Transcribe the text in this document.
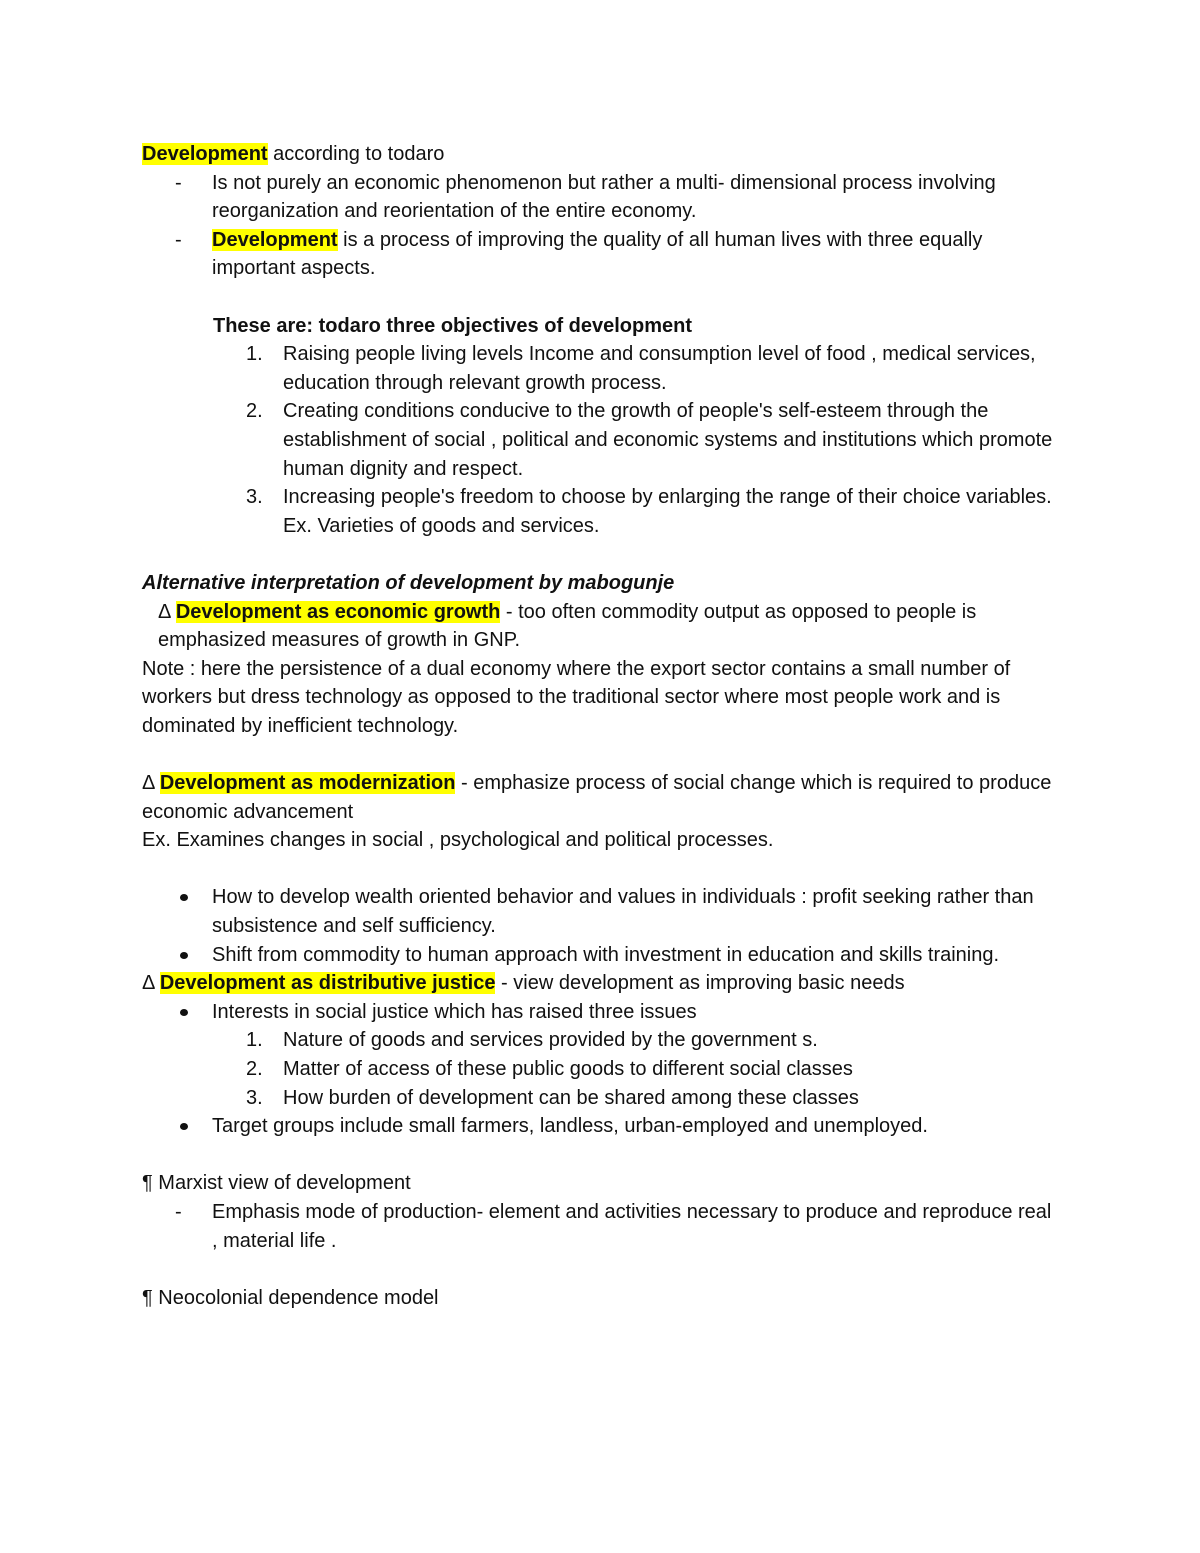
Development according to todaro
- Is not purely an economic phenomenon but rather a multi- dimensional process involving reorganization and reorientation of the entire economy.
- Development is a process of improving the quality of all human lives with three equally important aspects.
These are: todaro three objectives of development
1. Raising people living levels Income and consumption level of food , medical services, education through relevant growth process.
2. Creating conditions conducive to the growth of people's self-esteem through the establishment of social , political and economic systems and institutions which promote human dignity and respect.
3. Increasing people's freedom to choose by enlarging the range of their choice variables. Ex. Varieties of goods and services.
Alternative interpretation of development by mabogunje
Δ Development as economic growth - too often commodity output as opposed to people is emphasized measures of growth in GNP.
Note : here the persistence of a dual economy where the export sector contains a small number of workers but dress technology as opposed to the traditional sector where most people work and is dominated by inefficient technology.
Δ Development as modernization - emphasize process of social change which is required to produce economic advancement
Ex. Examines changes in social , psychological and political processes.
How to develop wealth oriented behavior and values in individuals : profit seeking rather than subsistence and self sufficiency.
Shift from commodity to human approach with investment in education and skills training.
Δ Development as distributive justice - view development as improving basic needs
Interests in social justice which has raised three issues
1. Nature of goods and services provided by the government s.
2. Matter of access of these public goods to different social classes
3. How burden of development can be shared among these classes
Target groups include small farmers, landless, urban-employed and unemployed.
¶ Marxist view of development
- Emphasis mode of production- element and activities necessary to produce and reproduce real , material life .
¶ Neocolonial dependence model
